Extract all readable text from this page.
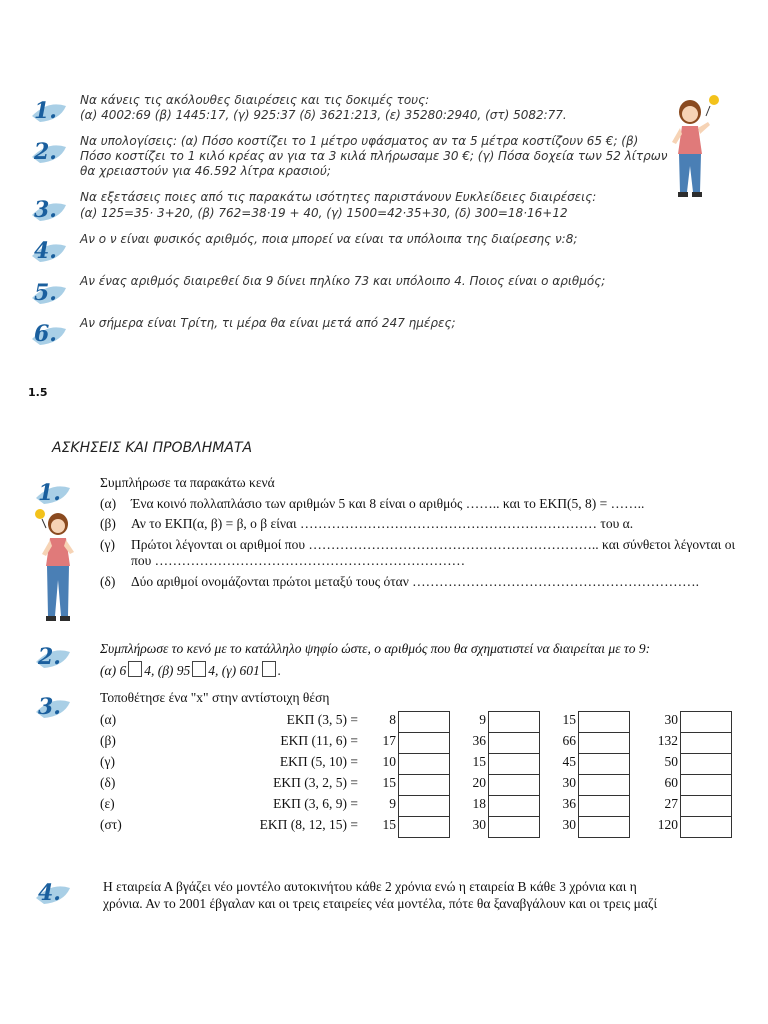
1. Να κάνεις τις ακόλουθες διαιρέσεις και τις δοκιμές τους:
(α) 4002:69 (β) 1445:17, (γ) 925:37 (δ) 3621:213, (ε) 35280:2940, (στ) 5082:77.
2. Να υπολογίσεις: (α) Πόσο κοστίζει το 1 μέτρο υφάσματος αν τα 5 μέτρα κοστίζουν 65 €; (β)
Πόσο κοστίζει το 1 κιλό κρέας αν για τα 3 κιλά πλήρωσαμε 30 €; (γ) Πόσα δοχεία των 52 λίτρων
θα χρειαστούν για 46.592 λίτρα κρασιού;
3. Να εξετάσεις ποιες από τις παρακάτω ισότητες παριστάνουν Ευκλείδειες διαιρέσεις:
(α) 125=35· 3+20, (β) 762=38·19 + 40, (γ) 1500=42·35+30, (δ) 300=18·16+12
4. Αν ο ν είναι φυσικός αριθμός, ποια μπορεί να είναι τα υπόλοιπα της διαίρεσης ν:8;
5. Αν ένας αριθμός διαιρεθεί δια 9 δίνει πηλίκο 73 και υπόλοιπο 4. Ποιος είναι ο αριθμός;
6. Αν σήμερα είναι Τρίτη, τι μέρα θα είναι μετά από 247 ημέρες;
1.5
ΑΣΚΗΣΕΙΣ ΚΑΙ ΠΡΟΒΛΗΜΑΤΑ
1.	Συμπλήρωσε τα παρακάτω κενά
(α) Ένα κοινό πολλαπλάσιο των αριθμών 5 και 8 είναι ο αριθμός …….. και το ΕΚΠ(5, 8) = ……..
(β) Αν το ΕΚΠ(α, β) = β, ο β είναι ………………………………………………………… του α.
(γ) Πρώτοι λέγονται οι αριθμοί που ……………………………………………………….. και σύνθετοι λέγονται οι
που ……………………………………………………………
(δ) Δύο αριθμοί ονομάζονται πρώτοι μεταξύ τους όταν ……………………………………………………….
2.	Συμπλήρωσε το κενό με το κατάλληλο ψηφίο ώστε, ο αριθμός που θα σχηματιστεί να διαιρείται με το 9:
(α) 6 4, (β) 95 4, (γ) 601 .
3.	Τοποθέτησε ένα "x" στην αντίστοιχη θέση
(α)	ΕΚΠ (3, 5) =	8	9	15	30
(β)	ΕΚΠ (11, 6) =	17	36	66	132
(γ)	ΕΚΠ (5, 10) =	10	15	45	50
(δ)	ΕΚΠ (3, 2, 5) =	15	20	30	60
(ε)	ΕΚΠ (3, 6, 9) =	9	18	36	27
(στ)	ΕΚΠ (8, 12, 15) =	15	30	30	120
4.	Η εταιρεία Α βγάζει νέο μοντέλο αυτοκινήτου κάθε 2 χρόνια ενώ η εταιρεία Β κάθε 3 χρόνια και η
χρόνια. Αν το 2001 έβγαλαν και οι τρεις εταιρείες νέα μοντέλα, πότε θα ξαναβγάλουν και οι τρεις μαζί
